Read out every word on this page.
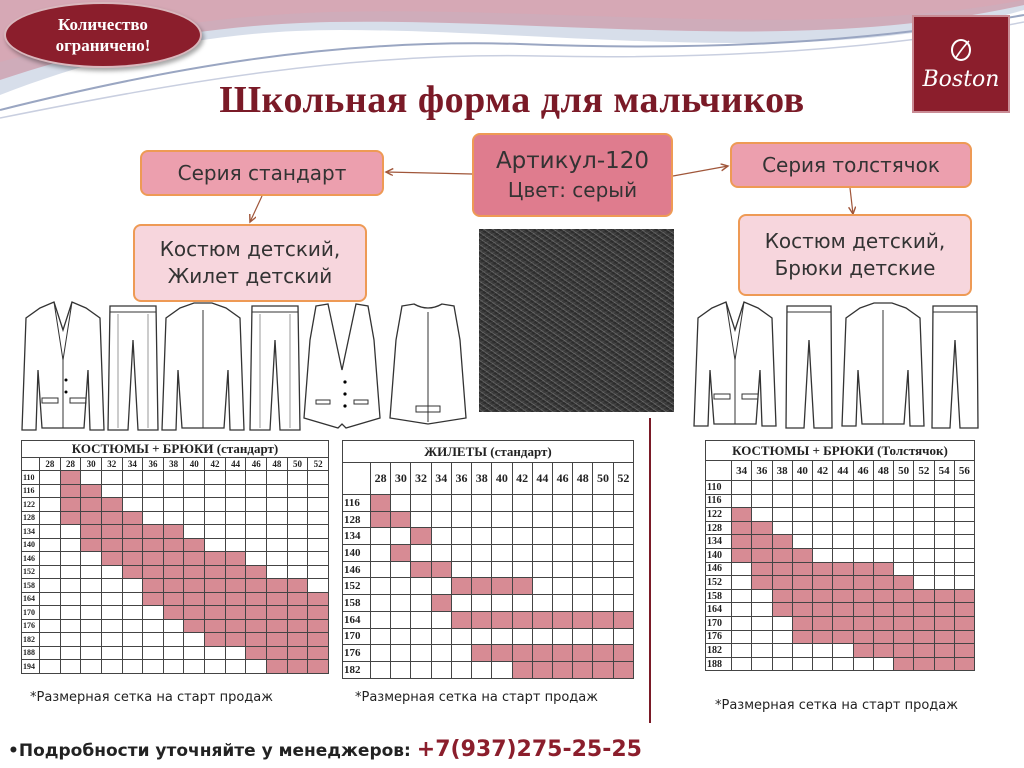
Количество
ограничено!
Boston
Школьная форма для мальчиков
Серия стандарт	Артикул-120
Цвет: серый
Серия толстячок
Костюм детский,
Жилет детский
Костюм детский,
Брюки детские
КОСТЮМЫ + БРЮКИ (стандарт)														
	28	28	30	32	34	36	38	40	42	44	46	48	50	52
110														
116														
122														
128														
134														
140														
146														
152														
158														
164														
170														
176														
182														
188														
194														
ЖИЛЕТЫ (стандарт)													
	28	30	32	34	36	38	40	42	44	46	48	50	52
116													
128													
134													
140													
146													
152													
158													
164													
170													
176													
182													
КОСТЮМЫ + БРЮКИ (Толстячок)												
	34	36	38	40	42	44	46	48	50	52	54	56
110												
116												
122												
128												
134												
140												
146												
152												
158												
164												
170												
176												
182												
188												
*Размерная сетка на старт продаж	*Размерная сетка на старт продаж
*Размерная сетка на старт продаж
•Подробности уточняйте у менеджеров: +7(937)275-25-25
